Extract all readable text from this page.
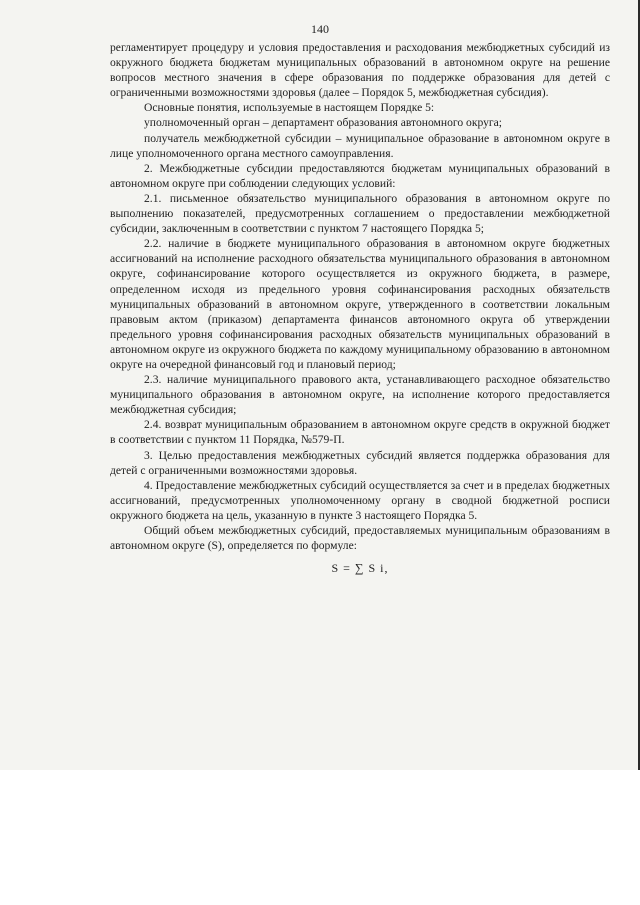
140

регламентирует процедуру и условия предоставления и расходования межбюджетных субсидий из окружного бюджета бюджетам муниципальных образований в автономном округе на решение вопросов местного значения в сфере образования по поддержке образования для детей с ограниченными возможностями здоровья (далее – Порядок 5, межбюджетная субсидия).

Основные понятия, используемые в настоящем Порядке 5:

уполномоченный орган – департамент образования автономного округа;

получатель межбюджетной субсидии – муниципальное образование в автономном округе в лице уполномоченного органа местного самоуправления.

2. Межбюджетные субсидии предоставляются бюджетам муниципальных образований в автономном округе при соблюдении следующих условий:

2.1. письменное обязательство муниципального образования в автономном округе по выполнению показателей, предусмотренных соглашением о предоставлении межбюджетной субсидии, заключенным в соответствии с пунктом 7 настоящего Порядка 5;

2.2. наличие в бюджете муниципального образования в автономном округе бюджетных ассигнований на исполнение расходного обязательства муниципального образования в автономном округе, софинансирование которого осуществляется из окружного бюджета, в размере, определенном исходя из предельного уровня софинансирования расходных обязательств муниципальных образований в автономном округе, утвержденного в соответствии локальным правовым актом (приказом) департамента финансов автономного округа об утверждении предельного уровня софинансирования расходных обязательств муниципальных образований в автономном округе из окружного бюджета по каждому муниципальному образованию в автономном округе на очередной финансовый год и плановый период;

2.3. наличие муниципального правового акта, устанавливающего расходное обязательство муниципального образования в автономном округе, на исполнение которого предоставляется межбюджетная субсидия;

2.4. возврат муниципальным образованием в автономном округе средств в окружной бюджет в соответствии с пунктом 11 Порядка, №579-П.

3. Целью предоставления межбюджетных субсидий является поддержка образования для детей с ограниченными возможностями здоровья.

4. Предоставление межбюджетных субсидий осуществляется за счет и в пределах бюджетных ассигнований, предусмотренных уполномоченному органу в сводной бюджетной росписи окружного бюджета на цель, указанную в пункте 3 настоящего Порядка 5.

Общий объем межбюджетных субсидий, предоставляемых муниципальным образованиям в автономном округе (S), определяется по формуле:

S = ∑ S i,
